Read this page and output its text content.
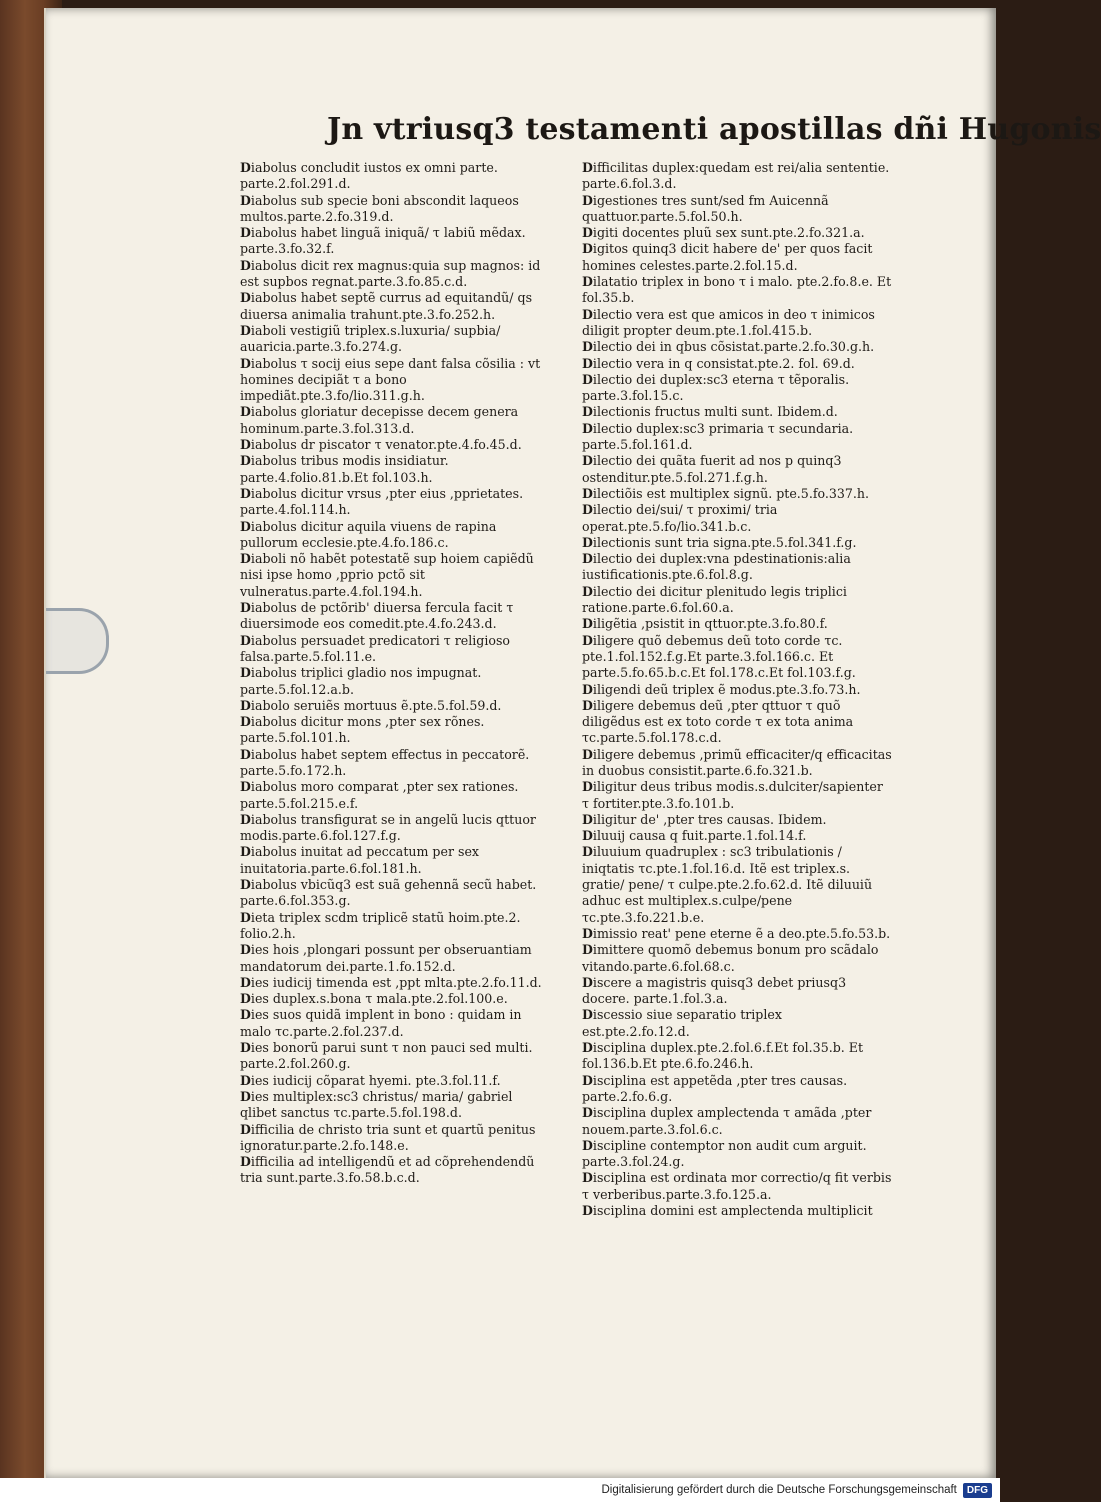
Jn vtriusq3 testamenti apostillas dñi Hugonis

Diabolus concludit iustos ex omni parte. parte.2.fol.291.d.

Diabolus sub specie boni abscondit laqueos multos.parte.2.fo.319.d.

Diabolus habet linguã iniquã/ τ labiũ mẽdax. parte.3.fo.32.f.

Diabolus dicit rex magnus:quia sup magnos: id est supbos regnat.parte.3.fo.85.c.d.

Diabolus habet septẽ currus ad equitandũ/ qs diuersa animalia trahunt.pte.3.fo.252.h.

Diaboli vestigiũ triplex.s.luxuria/ supbia/ auaricia.parte.3.fo.274.g.

Diabolus τ socij eius sepe dant falsa cõsilia : vt homines decipiãt τ a bono impediãt.pte.3.fo/lio.311.g.h.

Diabolus gloriatur decepisse decem genera hominum.parte.3.fol.313.d.

Diabolus dr piscator τ venator.pte.4.fo.45.d.

Diabolus tribus modis insidiatur. parte.4.folio.81.b.Et fol.103.h.

Diabolus dicitur vrsus ,pter eius ,pprietates. parte.4.fol.114.h.

Diabolus dicitur aquila viuens de rapina pullorum ecclesie.pte.4.fo.186.c.

Diaboli nõ habẽt potestatẽ sup hoiem capiẽdũ nisi ipse homo ,pprio pctõ sit vulneratus.parte.4.fol.194.h.

Diabolus de pctõrib' diuersa fercula facit τ diuersimode eos comedit.pte.4.fo.243.d.

Diabolus persuadet predicatori τ religioso falsa.parte.5.fol.11.e.

Diabolus triplici gladio nos impugnat. parte.5.fol.12.a.b.

Diabolo seruiẽs mortuus ẽ.pte.5.fol.59.d.

Diabolus dicitur mons ,pter sex rõnes. parte.5.fol.101.h.

Diabolus habet septem effectus in peccatorẽ. parte.5.fo.172.h.

Diabolus moro comparat ,pter sex rationes. parte.5.fol.215.e.f.

Diabolus transfigurat se in angelũ lucis qttuor modis.parte.6.fol.127.f.g.

Diabolus inuitat ad peccatum per sex inuitatoria.parte.6.fol.181.h.

Diabolus vbicũq3 est suã gehennã secũ habet. parte.6.fol.353.g.

Dieta triplex scdm triplicẽ statũ hoim.pte.2. folio.2.h.

Dies hois ,plongari possunt per obseruantiam mandatorum dei.parte.1.fo.152.d.

Dies iudicij timenda est ,ppt mlta.pte.2.fo.11.d.

Dies duplex.s.bona τ mala.pte.2.fol.100.e.

Dies suos quidã implent in bono : quidam in malo τc.parte.2.fol.237.d.

Dies bonorũ parui sunt τ non pauci sed multi. parte.2.fol.260.g.

Dies iudicij cõparat hyemi. pte.3.fol.11.f.

Dies multiplex:sc3 christus/ maria/ gabriel qlibet sanctus τc.parte.5.fol.198.d.

Difficilia de christo tria sunt et quartũ penitus ignoratur.parte.2.fo.148.e.

Difficilia ad intelligendũ et ad cõprehendendũ tria sunt.parte.3.fo.58.b.c.d.

Difficilitas duplex:quedam est rei/alia sententie. parte.6.fol.3.d.

Digestiones tres sunt/sed fm Auicennã quattuor.parte.5.fol.50.h.

Digiti docentes pluũ sex sunt.pte.2.fo.321.a.

Digitos quinq3 dicit habere de' per quos facit homines celestes.parte.2.fol.15.d.

Dilatatio triplex in bono τ i malo. pte.2.fo.8.e. Et fol.35.b.

Dilectio vera est que amicos in deo τ inimicos diligit propter deum.pte.1.fol.415.b.

Dilectio dei in qbus cõsistat.parte.2.fo.30.g.h.

Dilectio vera in q consistat.pte.2. fol. 69.d.

Dilectio dei duplex:sc3 eterna τ tẽporalis. parte.3.fol.15.c.

Dilectionis fructus multi sunt. Ibidem.d.

Dilectio duplex:sc3 primaria τ secundaria. parte.5.fol.161.d.

Dilectio dei quãta fuerit ad nos p quinq3 ostenditur.pte.5.fol.271.f.g.h.

Dilectiõis est multiplex signũ. pte.5.fo.337.h.

Dilectio dei/sui/ τ proximi/ tria operat.pte.5.fo/lio.341.b.c.

Dilectionis sunt tria signa.pte.5.fol.341.f.g.

Dilectio dei duplex:vna pdestinationis:alia iustificationis.pte.6.fol.8.g.

Dilectio dei dicitur plenitudo legis triplici ratione.parte.6.fol.60.a.

Diligẽtia ,psistit in qttuor.pte.3.fo.80.f.

Diligere quõ debemus deũ toto corde τc. pte.1.fol.152.f.g.Et parte.3.fol.166.c. Et parte.5.fo.65.b.c.Et fol.178.c.Et fol.103.f.g.

Diligendi deũ triplex ẽ modus.pte.3.fo.73.h.

Diligere debemus deũ ,pter qttuor τ quõ diligẽdus est ex toto corde τ ex tota anima τc.parte.5.fol.178.c.d.

Diligere debemus ,primũ efficaciter/q efficacitas in duobus consistit.parte.6.fo.321.b.

Diligitur deus tribus modis.s.dulciter/sapienter τ fortiter.pte.3.fo.101.b.

Diligitur de' ,pter tres causas. Ibidem.

Diluuij causa q fuit.parte.1.fol.14.f.

Diluuium quadruplex : sc3 tribulationis / iniqtatis τc.pte.1.fol.16.d. Itẽ est triplex.s. gratie/ pene/ τ culpe.pte.2.fo.62.d. Itẽ diluuiũ adhuc est multiplex.s.culpe/pene τc.pte.3.fo.221.b.e.

Dimissio reat' pene eterne ẽ a deo.pte.5.fo.53.b.

Dimittere quomõ debemus bonum pro scãdalo vitando.parte.6.fol.68.c.

Discere a magistris quisq3 debet priusq3 docere. parte.1.fol.3.a.

Discessio siue separatio triplex est.pte.2.fo.12.d.

Disciplina duplex.pte.2.fol.6.f.Et fol.35.b. Et fol.136.b.Et pte.6.fo.246.h.

Disciplina est appetẽda ,pter tres causas. parte.2.fo.6.g.

Disciplina duplex amplectenda τ amãda ,pter nouem.parte.3.fol.6.c.

Discipline contemptor non audit cum arguit. parte.3.fol.24.g.

Disciplina est ordinata mor correctio/q fit verbis τ verberibus.parte.3.fo.125.a.

Disciplina domini est amplectenda multiplicit

Digitalisierung gefördert durch die Deutsche Forschungsgemeinschaft	DFG
